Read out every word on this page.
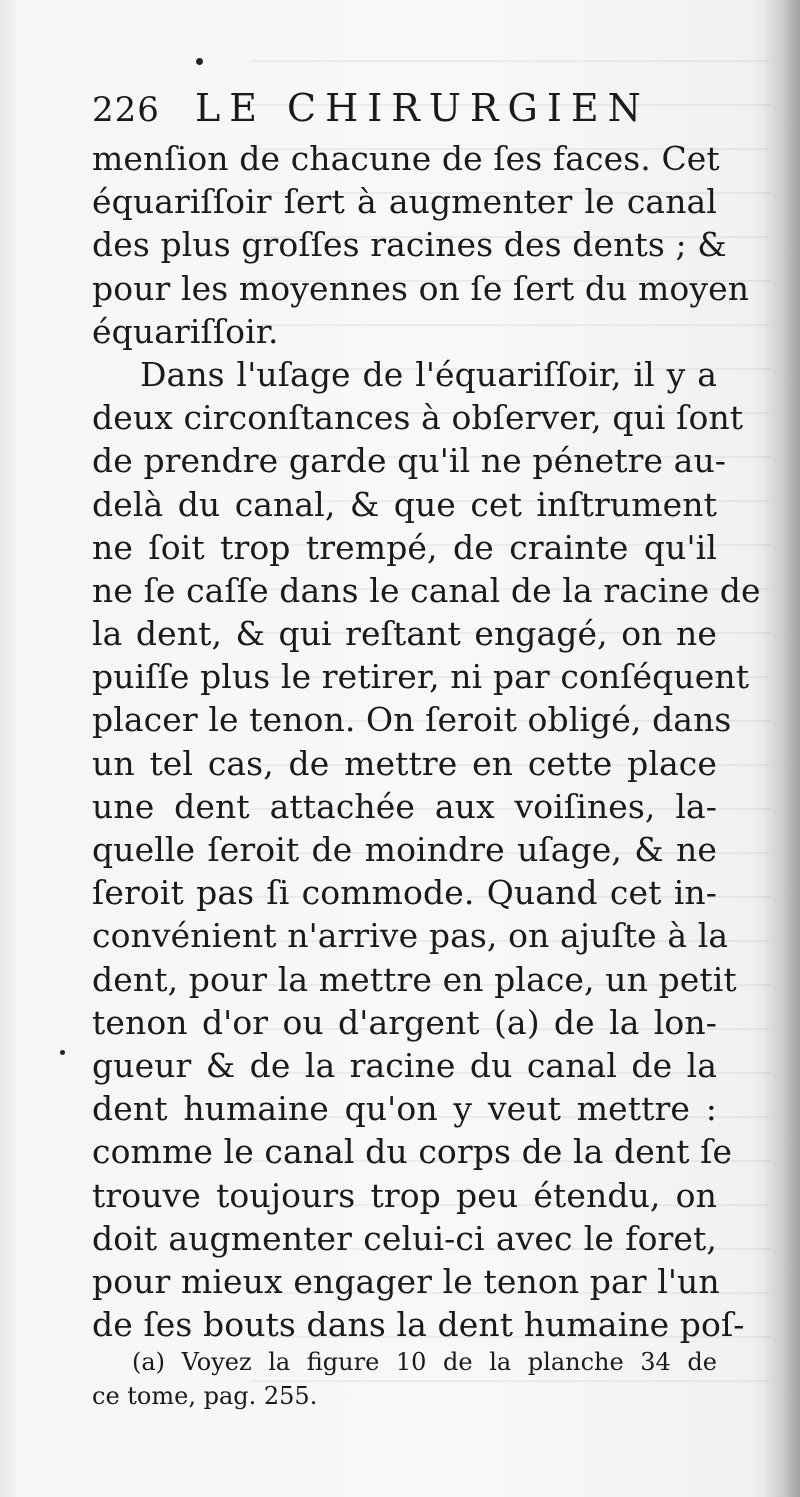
226 LE CHIRURGIEN
menſion de chacune de ſes faces. Cet
équariſſoir ſert à augmenter le canal
des plus groſſes racines des dents ; &
pour les moyennes on ſe ſert du moyen
équariſſoir.
Dans l'uſage de l'équariſſoir, il y a
deux circonſtances à obſerver, qui ſont
de prendre garde qu'il ne pénetre au-
delà du canal, & que cet inſtrument
ne ſoit trop trempé, de crainte qu'il
ne ſe caſſe dans le canal de la racine de
la dent, & qui reſtant engagé, on ne
puiſſe plus le retirer, ni par conſéquent
placer le tenon. On ſeroit obligé, dans
un tel cas, de mettre en cette place
une dent attachée aux voiſines, la-
quelle ſeroit de moindre uſage, & ne
ſeroit pas ſi commode. Quand cet in-
convénient n'arrive pas, on ajuſte à la
dent, pour la mettre en place, un petit
tenon d'or ou d'argent (a) de la lon-
gueur & de la racine du canal de la
dent humaine qu'on y veut mettre :
comme le canal du corps de la dent ſe
trouve toujours trop peu étendu, on
doit augmenter celui-ci avec le foret,
pour mieux engager le tenon par l'un
de ſes bouts dans la dent humaine poſ-
(a) Voyez la figure 10 de la planche 34 de
ce tome, pag. 255.
